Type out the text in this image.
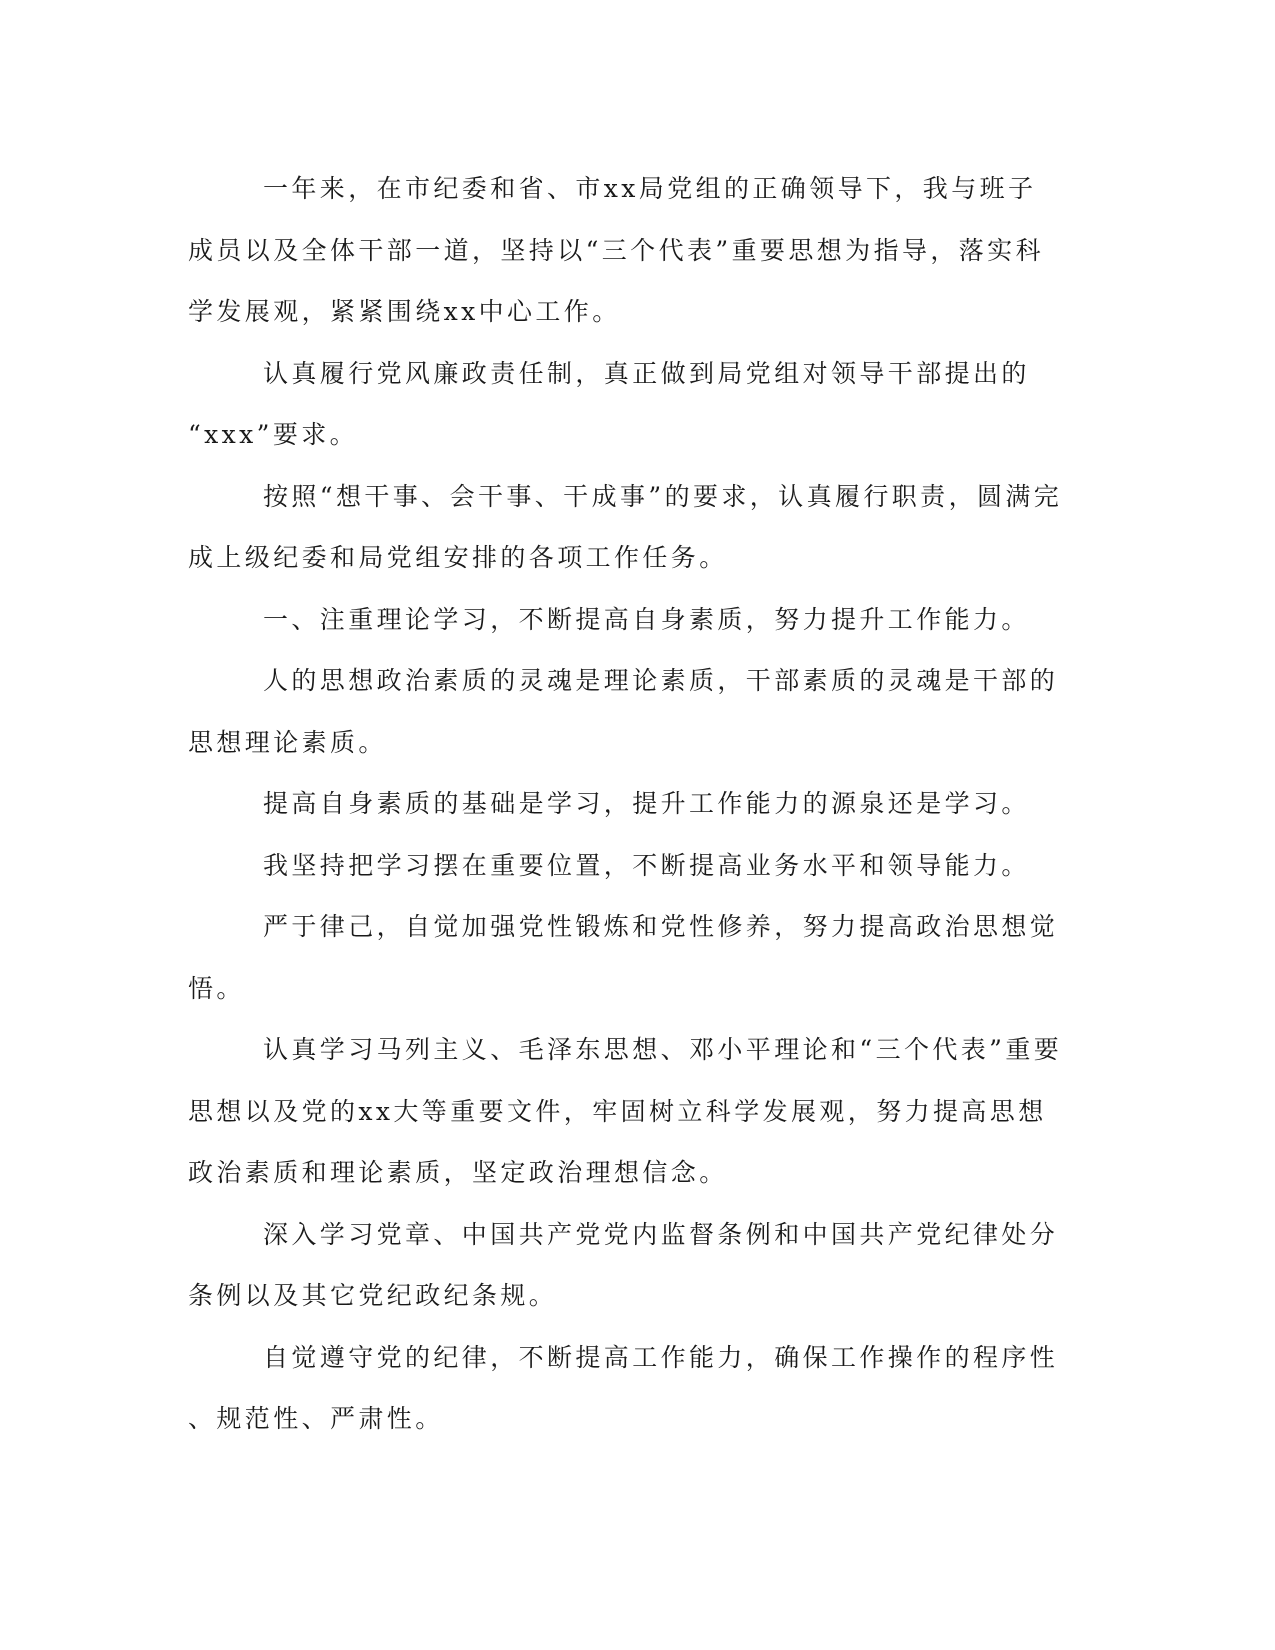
一年来，在市纪委和省、市xx局党组的正确领导下，我与班子
成员以及全体干部一道，坚持以“三个代表”重要思想为指导，落实科
学发展观，紧紧围绕xx中心工作。

认真履行党风廉政责任制，真正做到局党组对领导干部提出的
“xxx”要求。

按照“想干事、会干事、干成事”的要求，认真履行职责，圆满完
成上级纪委和局党组安排的各项工作任务。

一、注重理论学习，不断提高自身素质，努力提升工作能力。

人的思想政治素质的灵魂是理论素质，干部素质的灵魂是干部的
思想理论素质。

提高自身素质的基础是学习，提升工作能力的源泉还是学习。

我坚持把学习摆在重要位置，不断提高业务水平和领导能力。

严于律己，自觉加强党性锻炼和党性修养，努力提高政治思想觉
悟。

认真学习马列主义、毛泽东思想、邓小平理论和“三个代表”重要
思想以及党的xx大等重要文件，牢固树立科学发展观，努力提高思想
政治素质和理论素质，坚定政治理想信念。

深入学习党章、中国共产党党内监督条例和中国共产党纪律处分
条例以及其它党纪政纪条规。

自觉遵守党的纪律，不断提高工作能力，确保工作操作的程序性
、规范性、严肃性。
